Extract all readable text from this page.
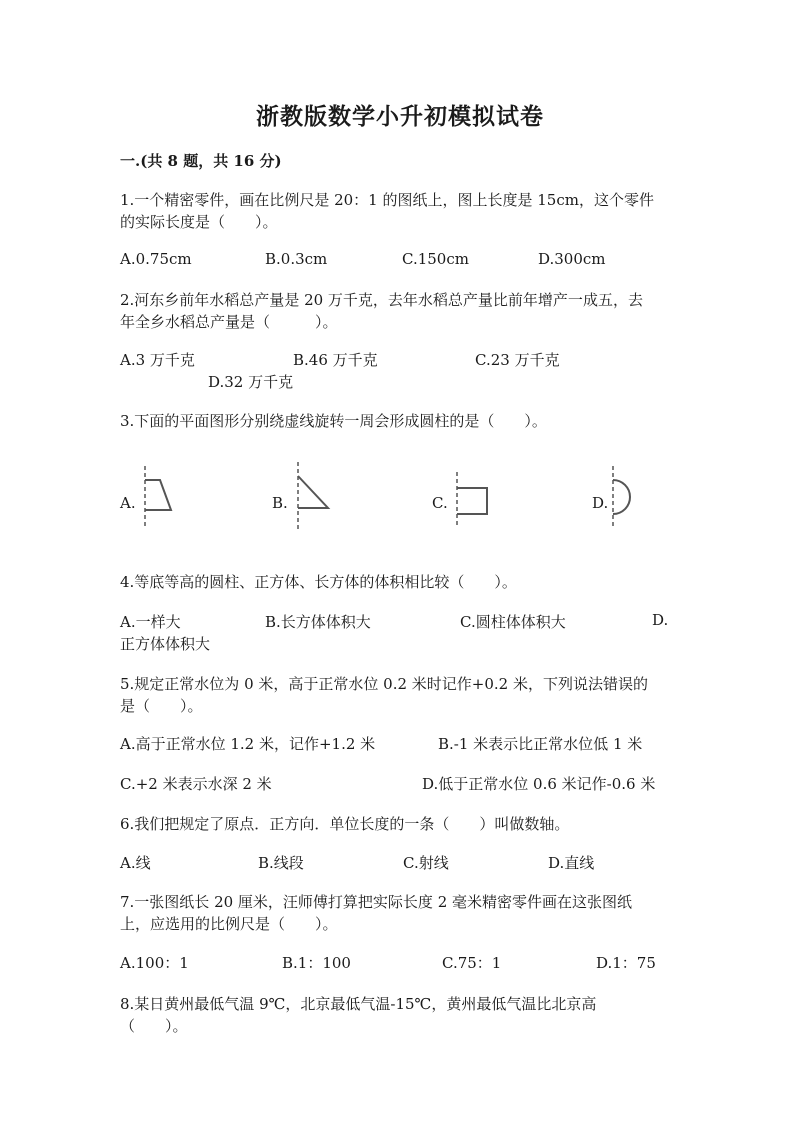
浙教版数学小升初模拟试卷
一.(共 8 题，共 16 分)
1.一个精密零件，画在比例尺是 20：1 的图纸上，图上长度是 15cm，这个零件
的实际长度是（　　）。
A.0.75cm	B.0.3cm	C.150cm	D.300cm
2.河东乡前年水稻总产量是 20 万千克，去年水稻总产量比前年增产一成五，去
年全乡水稻总产量是（　　　）。
A.3 万千克	B.46 万千克	C.23 万千克
D.32 万千克
3.下面的平面图形分别绕虚线旋转一周会形成圆柱的是（　　）。
A.	B.	C.	D.
4.等底等高的圆柱、正方体、长方体的体积相比较（　　）。
A.一样大	B.长方体体积大	C.圆柱体体积大	D.
正方体体积大
5.规定正常水位为 0 米，高于正常水位 0.2 米时记作+0.2 米，下列说法错误的
是（　　）。
A.高于正常水位 1.2 米，记作+1.2 米	B.-1 米表示比正常水位低 1 米
C.+2 米表示水深 2 米	D.低于正常水位 0.6 米记作-0.6 米
6.我们把规定了原点．正方向．单位长度的一条（　　）叫做数轴。
A.线	B.线段	C.射线	D.直线
7.一张图纸长 20 厘米，汪师傅打算把实际长度 2 毫米精密零件画在这张图纸
上，应选用的比例尺是（　　）。
A.100：1	B.1：100	C.75：1	D.1：75
8.某日黄州最低气温 9℃，北京最低气温-15℃，黄州最低气温比北京高
（　　）。
